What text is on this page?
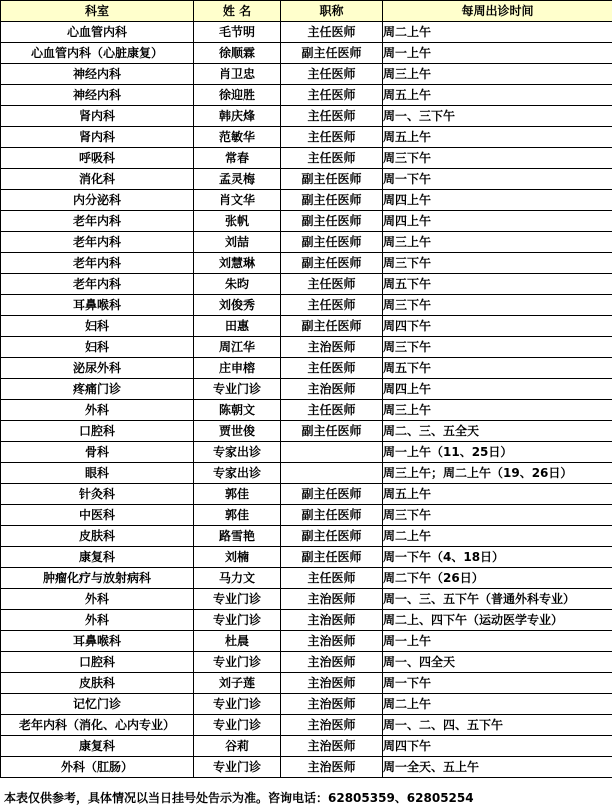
科室	姓 名	职称	每周出诊时间
心血管内科	毛节明	主任医师	周二上午
心血管内科（心脏康复）	徐顺霖	副主任医师	周一上午
神经内科	肖卫忠	主任医师	周三上午
神经内科	徐迎胜	主任医师	周五上午
肾内科	韩庆烽	主任医师	周一、三下午
肾内科	范敏华	主任医师	周五上午
呼吸科	常春	主任医师	周三下午
消化科	孟灵梅	副主任医师	周一下午
内分泌科	肖文华	副主任医师	周四上午
老年内科	张帆	副主任医师	周四上午
老年内科	刘喆	副主任医师	周三上午
老年内科	刘慧琳	副主任医师	周三下午
老年内科	朱昀	主任医师	周五下午
耳鼻喉科	刘俊秀	主任医师	周三下午
妇科	田惠	副主任医师	周四下午
妇科	周江华	主治医师	周三下午
泌尿外科	庄申榕	主任医师	周五下午
疼痛门诊	专业门诊	主治医师	周四上午
外科	陈朝文	主任医师	周三上午
口腔科	贾世俊	副主任医师	周二、三、五全天
骨科	专家出诊		周一上午（11、25日）
眼科	专家出诊		周三上午；周二上午（19、26日）
针灸科	郭佳	副主任医师	周五上午
中医科	郭佳	副主任医师	周三下午
皮肤科	路雪艳	副主任医师	周二上午
康复科	刘楠	副主任医师	周一下午（4、18日）
肿瘤化疗与放射病科	马力文	主任医师	周二下午（26日）
外科	专业门诊	主治医师	周一、三、五下午（普通外科专业）
外科	专业门诊	主治医师	周二上、四下午（运动医学专业）
耳鼻喉科	杜晨	主治医师	周一上午
口腔科	专业门诊	主治医师	周一、四全天
皮肤科	刘子莲	主治医师	周一下午
记忆门诊	专业门诊	主治医师	周二上午
老年内科（消化、心内专业）	专业门诊	主治医师	周一、二、四、五下午
康复科	谷莉	主治医师	周四下午
外科（肛肠）	专业门诊	主治医师	周一全天、五上午
本表仅供参考，具体情况以当日挂号处告示为准。咨询电话：62805359、62805254
